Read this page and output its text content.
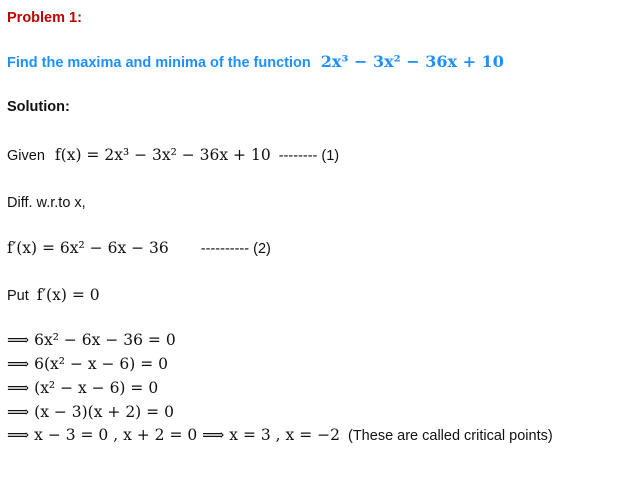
Problem 1:
Find the maxima and minima of the function 2x³ − 3x² − 36x + 10
Solution:
Given f(x) = 2x³ − 3x² − 36x + 10 -------- (1)
Diff. w.r.to x,
f′(x) = 6x² − 6x − 36 ---------- (2)
Put f′(x) = 0
⟹ 6x² − 6x − 36 = 0
⟹ 6(x² − x − 6) = 0
⟹ (x² − x − 6) = 0
⟹ (x − 3)(x + 2) = 0
⟹ x − 3 = 0 , x + 2 = 0 ⟹ x = 3 , x = −2 (These are called critical points)
